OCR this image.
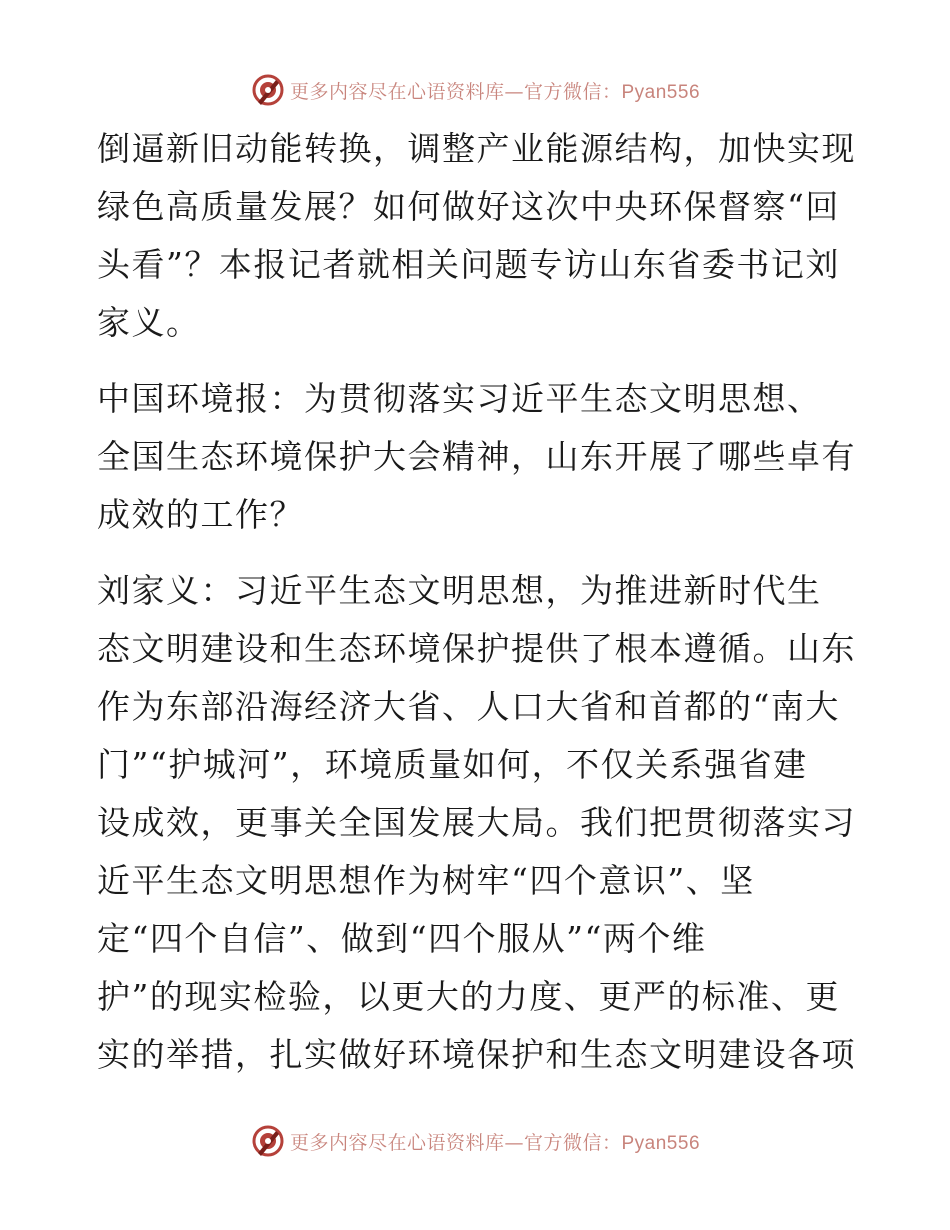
更多内容尽在心语资料库—官方微信：Pyan556

倒逼新旧动能转换，调整产业能源结构，加快实现

绿色高质量发展？如何做好这次中央环保督察“回

头看”？本报记者就相关问题专访山东省委书记刘

家义。

中国环境报：为贯彻落实习近平生态文明思想、

全国生态环境保护大会精神，山东开展了哪些卓有

成效的工作？

刘家义：习近平生态文明思想，为推进新时代生

态文明建设和生态环境保护提供了根本遵循。山东

作为东部沿海经济大省、人口大省和首都的“南大

门”“护城河”，环境质量如何，不仅关系强省建

设成效，更事关全国发展大局。我们把贯彻落实习

近平生态文明思想作为树牢“四个意识”、坚

定“四个自信”、做到“四个服从”“两个维

护”的现实检验，以更大的力度、更严的标准、更

实的举措，扎实做好环境保护和生态文明建设各项

更多内容尽在心语资料库—官方微信：Pyan556
